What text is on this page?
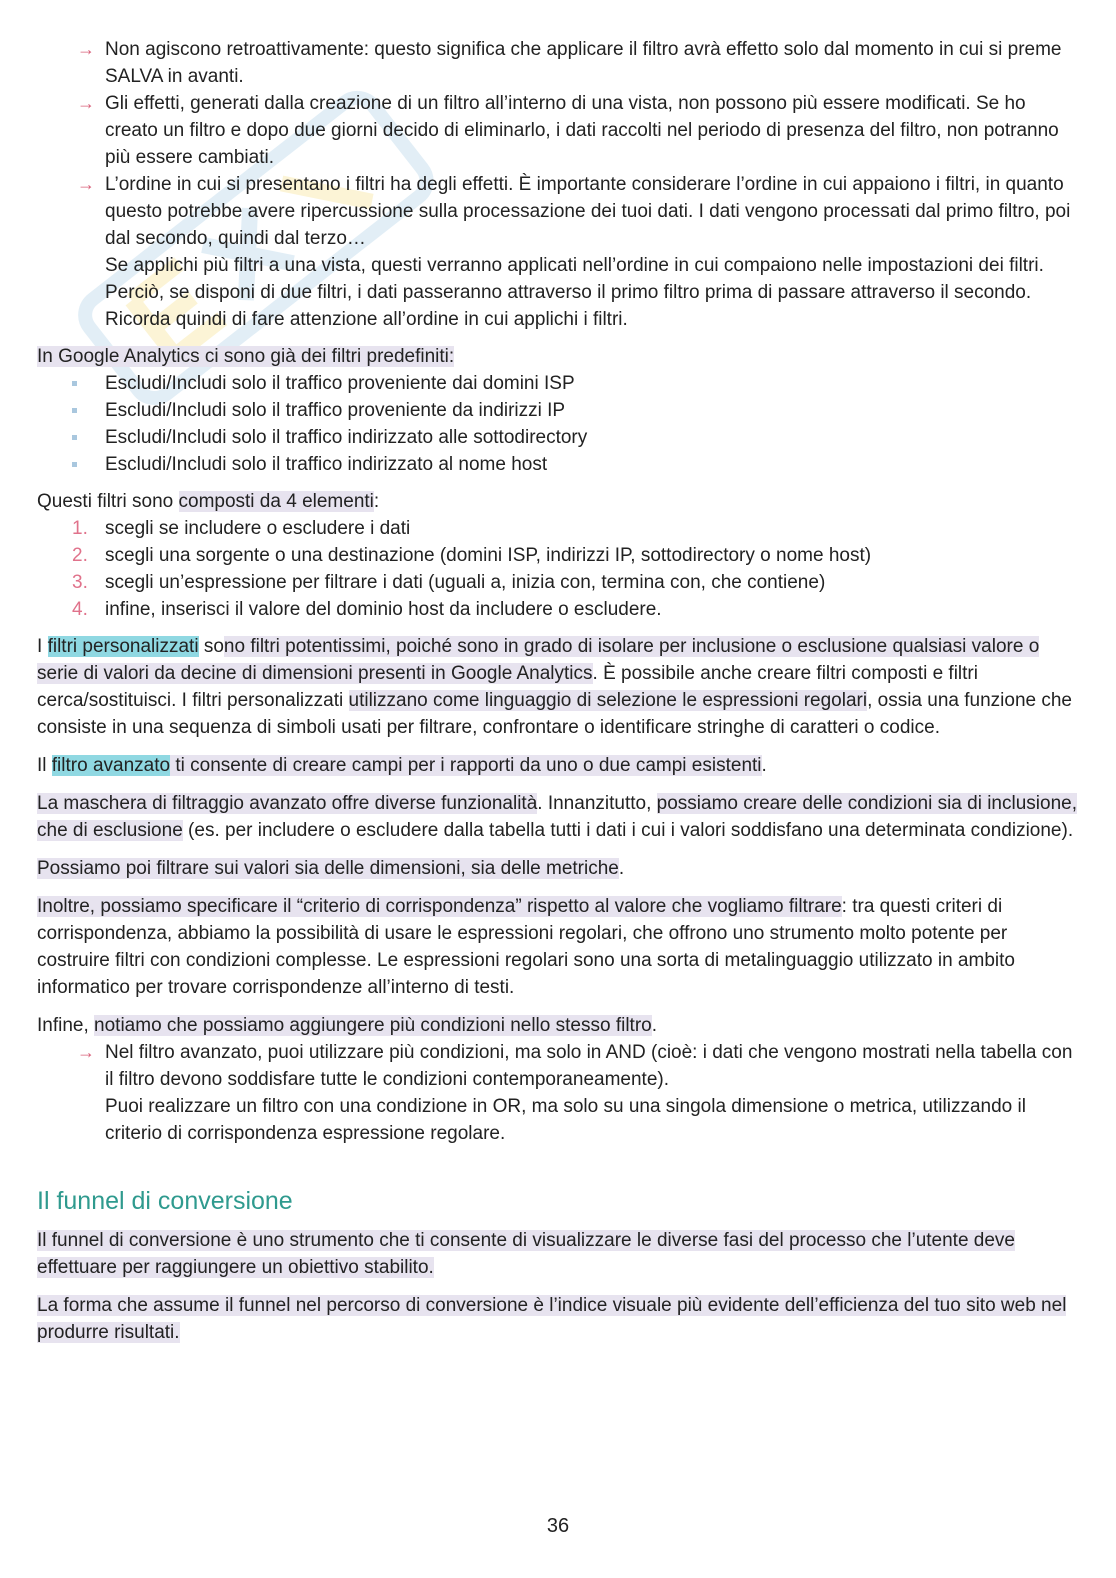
→ Non agiscono retroattivamente: questo significa che applicare il filtro avrà effetto solo dal momento in cui si preme SALVA in avanti.
→ Gli effetti, generati dalla creazione di un filtro all’interno di una vista, non possono più essere modificati. Se ho creato un filtro e dopo due giorni decido di eliminarlo, i dati raccolti nel periodo di presenza del filtro, non potranno più essere cambiati.
→ L’ordine in cui si presentano i filtri ha degli effetti. È importante considerare l’ordine in cui appaiono i filtri, in quanto questo potrebbe avere ripercussione sulla processazione dei tuoi dati. I dati vengono processati dal primo filtro, poi dal secondo, quindi dal terzo…
Se applichi più filtri a una vista, questi verranno applicati nell’ordine in cui compaiono nelle impostazioni dei filtri. Perciò, se disponi di due filtri, i dati passeranno attraverso il primo filtro prima di passare attraverso il secondo. Ricorda quindi di fare attenzione all’ordine in cui applichi i filtri.

In Google Analytics ci sono già dei filtri predefiniti:

Escludi/Includi solo il traffico proveniente dai domini ISP
Escludi/Includi solo il traffico proveniente da indirizzi IP
Escludi/Includi solo il traffico indirizzato alle sottodirectory
Escludi/Includi solo il traffico indirizzato al nome host

Questi filtri sono composti da 4 elementi:

1. scegli se includere o escludere i dati
2. scegli una sorgente o una destinazione (domini ISP, indirizzi IP, sottodirectory o nome host)
3. scegli un’espressione per filtrare i dati (uguali a, inizia con, termina con, che contiene)
4. infine, inserisci il valore del dominio host da includere o escludere.

I filtri personalizzati sono filtri potentissimi, poiché sono in grado di isolare per inclusione o esclusione qualsiasi valore o serie di valori da decine di dimensioni presenti in Google Analytics. È possibile anche creare filtri composti e filtri cerca/sostituisci. I filtri personalizzati utilizzano come linguaggio di selezione le espressioni regolari, ossia una funzione che consiste in una sequenza di simboli usati per filtrare, confrontare o identificare stringhe di caratteri o codice.

Il filtro avanzato ti consente di creare campi per i rapporti da uno o due campi esistenti.

La maschera di filtraggio avanzato offre diverse funzionalità. Innanzitutto, possiamo creare delle condizioni sia di inclusione, che di esclusione (es. per includere o escludere dalla tabella tutti i dati i cui i valori soddisfano una determinata condizione).

Possiamo poi filtrare sui valori sia delle dimensioni, sia delle metriche.

Inoltre, possiamo specificare il “criterio di corrispondenza” rispetto al valore che vogliamo filtrare: tra questi criteri di corrispondenza, abbiamo la possibilità di usare le espressioni regolari, che offrono uno strumento molto potente per costruire filtri con condizioni complesse. Le espressioni regolari sono una sorta di metalinguaggio utilizzato in ambito informatico per trovare corrispondenze all’interno di testi.

Infine, notiamo che possiamo aggiungere più condizioni nello stesso filtro.

→ Nel filtro avanzato, puoi utilizzare più condizioni, ma solo in AND (cioè: i dati che vengono mostrati nella tabella con il filtro devono soddisfare tutte le condizioni contemporaneamente).
Puoi realizzare un filtro con una condizione in OR, ma solo su una singola dimensione o metrica, utilizzando il criterio di corrispondenza espressione regolare.
Il funnel di conversione

Il funnel di conversione è uno strumento che ti consente di visualizzare le diverse fasi del processo che l’utente deve effettuare per raggiungere un obiettivo stabilito.

La forma che assume il funnel nel percorso di conversione è l’indice visuale più evidente dell’efficienza del tuo sito web nel produrre risultati.

36
